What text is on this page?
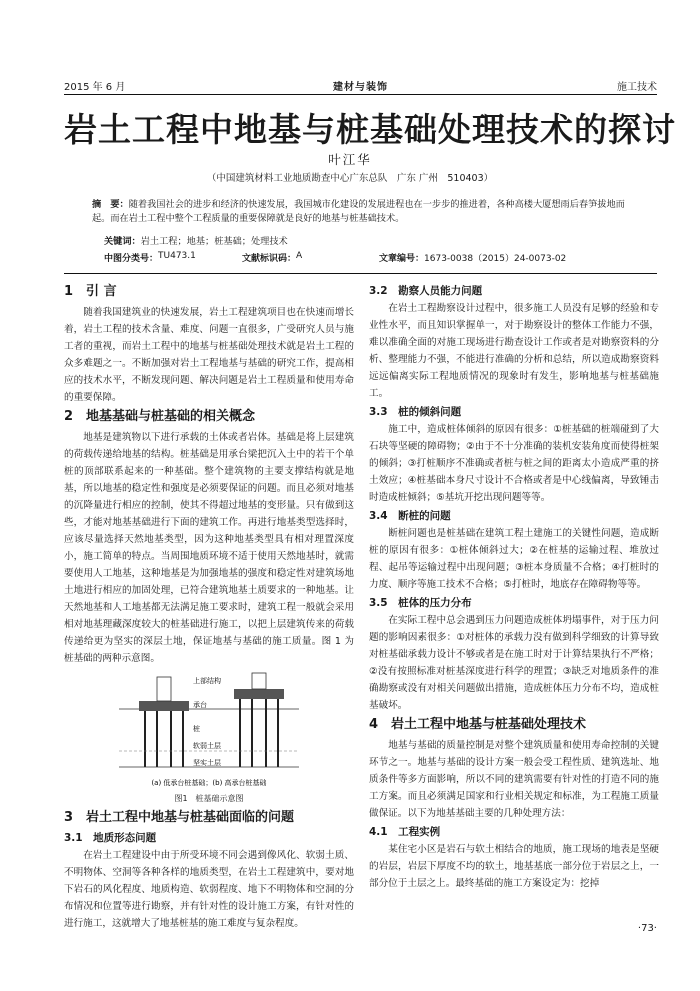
2015 年 6 月	建材与装饰	施工技术
岩土工程中地基与桩基础处理技术的探讨
叶江华
（中国建筑材料工业地质勘查中心广东总队　广东 广州　510403）
摘　要：随着我国社会的进步和经济的快速发展，我国城市化建设的发展进程也在一步步的推进着，各种高楼大厦想雨后春笋拔地而起。而在岩土工程中整个工程质量的重要保障就是良好的地基与桩基础技术。
关键词：岩土工程；地基；桩基础；处理技术
中图分类号： TU473.1	文献标识码： A	文章编号： 1673-0038（2015）24-0073-02
1　引 言

随着我国建筑业的快速发展，岩土工程建筑项目也在快速而增长着，岩土工程的技术含量、难度、问题一直很多，广受研究人员与施工者的重视，而岩土工程中的地基与桩基础处理技术就是岩土工程的众多难题之一。不断加强对岩土工程地基与基础的研究工作，提高相应的技术水平，不断发现问题、解决问题是岩土工程质量和使用寿命的重要保障。

2　地基基础与桩基础的相关概念

地基是建筑物以下进行承载的土体或者岩体。基础是将上层建筑的荷载传递给地基的结构。桩基础是用承台梁把沉入土中的若干个单桩的顶部联系起来的一种基础。整个建筑物的主要支撑结构就是地基，所以地基的稳定性和强度是必须要保证的问题。而且必须对地基的沉降量进行相应的控制，使其不得超过地基的变形量。只有做到这些，才能对地基基础进行下面的建筑工作。再进行地基类型选择时，应该尽量选择天然地基类型，因为这种地基类型具有相对理置深度小，施工简单的特点。当周围地质环境不适于使用天然地基时，就需要使用人工地基，这种地基是为加强地基的强度和稳定性对建筑场地土地进行相应的加固处理，已符合建筑地基土质要求的一种地基。让天然地基和人工地基都无法满足施工要求时，建筑工程一般就会采用相对地基理藏深度较大的桩基础进行施工，以把上层建筑传来的荷载传递给更为坚实的深层土地，保证地基与基础的施工质量。图 1 为桩基础的两种示意图。

上部结构
承台
桩
软弱土层
坚实土层
(a) 低承台桩基础；(b) 高承台桩基础
图1　桩基础示意图
3　岩土工程中地基与桩基础面临的问题
3.1　地质形态问题

在岩土工程建设中由于所受环境不同会遇到像风化、软弱土质、不明物体、空洞等各种各样的地质类型，在岩土工程建筑中，要对地下岩石的风化程度、地质构造、软弱程度、地下不明物体和空洞的分布情况和位置等进行勘察，并有针对性的设计施工方案，有针对性的进行施工，这就增大了地基桩基的施工难度与复杂程度。

3.2　勘察人员能力问题

在岩土工程勘察设计过程中，很多施工人员没有足够的经验和专业性水平，而且知识掌握单一，对于勘察设计的整体工作能力不强，难以准确全面的对施工现场进行勘查设计工作或者是对勘察资料的分析、整理能力不强，不能进行准确的分析和总结，所以造成勘察资料远远偏离实际工程地质情况的现象时有发生，影响地基与桩基础施工。

3.3　桩的倾斜问题

施工中，造成桩体倾斜的原因有很多：①桩基础的桩端碰到了大石块等坚硬的障碍物；②由于不十分准确的装机安装角度而使得桩架的倾斜；③打桩顺序不准确或者桩与桩之间的距离太小造成严重的挤土效应；④桩基础本身尺寸设计不合格或者是中心线偏离，导致锤击时造成桩倾斜；⑤基坑开挖出现问题等等。

3.4　断桩的问题

断桩问题也是桩基础在建筑工程土建施工的关键性问题，造成断桩的原因有很多：①桩体倾斜过大；②在桩基的运输过程、堆放过程、起吊等运输过程中出现问题；③桩本身质量不合格；④打桩时的力度、顺序等施工技术不合格；⑤打桩时，地底存在障碍物等等。

3.5　桩体的压力分布

在实际工程中总会遇到压力问题造成桩体坍塌事件，对于压力问题的影响因素很多：①对桩体的承载力没有做到科学细致的计算导致对桩基础承载力设计不够或者是在施工时对于计算结果执行不严格；②没有按照标准对桩基深度进行科学的理置；③缺乏对地质条件的准确勘察或没有对相关问题做出措施，造成桩体压力分布不均，造成桩基破坏。

4　岩土工程中地基与桩基础处理技术

地基与基础的质量控制是对整个建筑质量和使用寿命控制的关键环节之一。地基与基础的设计方案一般会受工程性质、建筑选址、地质条件等多方面影响，所以不同的建筑需要有针对性的打造不同的施工方案。而且必须满足国家和行业相关规定和标准，为工程施工质量做保证。以下为地基基础主要的几种处理方法：

4.1　工程实例

某住宅小区是岩石与软土相结合的地质，施工现场的地表是坚硬的岩层，岩层下厚度不均的软土，地基基底一部分位于岩层之上，一部分位于土层之上。最终基础的施工方案设定为：挖掉

·73·
